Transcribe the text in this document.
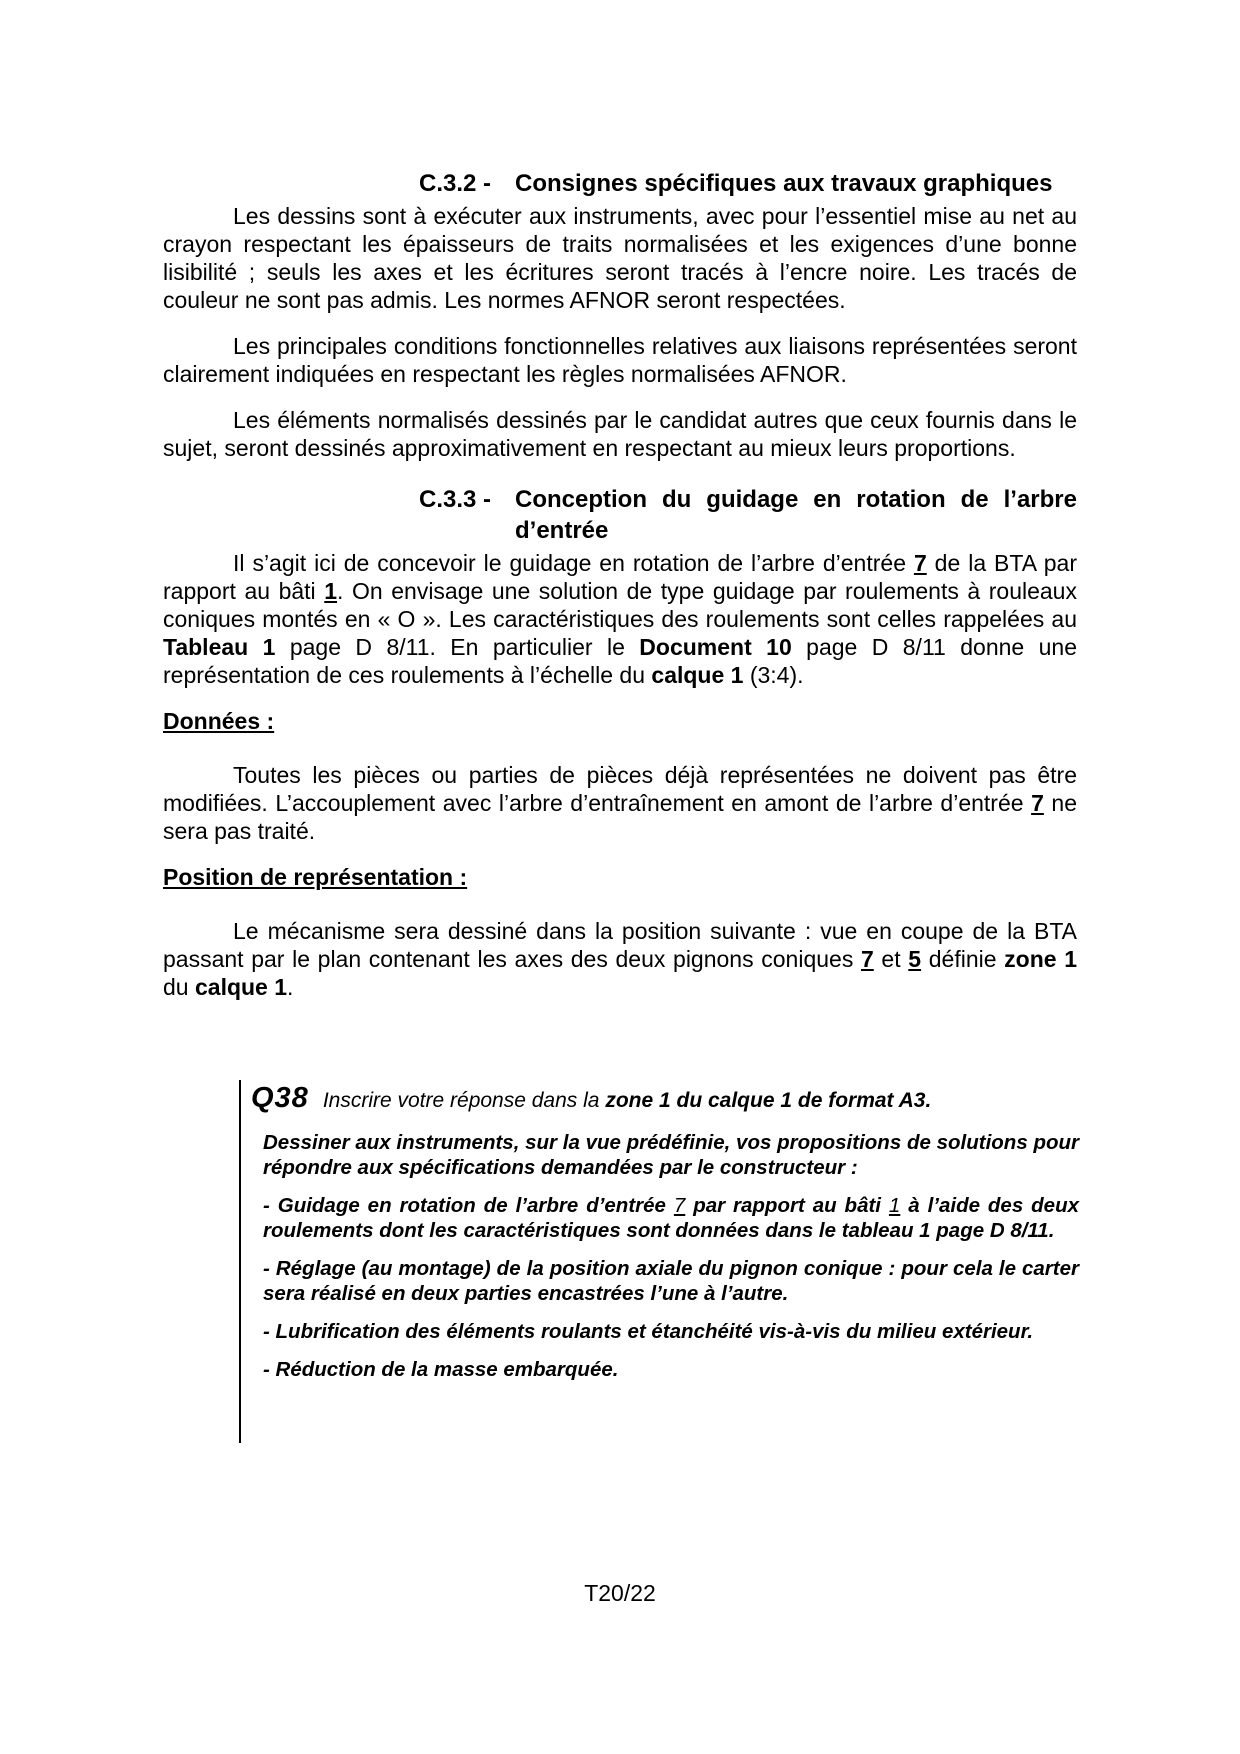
C.3.2 - Consignes spécifiques aux travaux graphiques

Les dessins sont à exécuter aux instruments, avec pour l’essentiel mise au net au crayon respectant les épaisseurs de traits normalisées et les exigences d’une bonne lisibilité ; seuls les axes et les écritures seront tracés à l’encre noire. Les tracés de couleur ne sont pas admis. Les normes AFNOR seront respectées.

Les principales conditions fonctionnelles relatives aux liaisons représentées seront clairement indiquées en respectant les règles normalisées AFNOR.

Les éléments normalisés dessinés par le candidat autres que ceux fournis dans le sujet, seront dessinés approximativement en respectant au mieux leurs proportions.

C.3.3 - Conception du guidage en rotation de l’arbre d’entrée

Il s’agit ici de concevoir le guidage en rotation de l’arbre d’entrée 7 de la BTA par rapport au bâti 1. On envisage une solution de type guidage par roulements à rouleaux coniques montés en « O ». Les caractéristiques des roulements sont celles rappelées au Tableau 1 page D 8/11. En particulier le Document 10 page D 8/11 donne une représentation de ces roulements à l’échelle du calque 1 (3:4).

Données :

Toutes les pièces ou parties de pièces déjà représentées ne doivent pas être modifiées. L’accouplement avec l’arbre d’entraînement en amont de l’arbre d’entrée 7 ne sera pas traité.

Position de représentation :

Le mécanisme sera dessiné dans la position suivante : vue en coupe de la BTA passant par le plan contenant les axes des deux pignons coniques 7 et 5 définie zone 1 du calque 1.

Q38 Inscrire votre réponse dans la zone 1 du calque 1 de format A3.

Dessiner aux instruments, sur la vue prédéfinie, vos propositions de solutions pour répondre aux spécifications demandées par le constructeur :

- Guidage en rotation de l’arbre d’entrée 7 par rapport au bâti 1 à l’aide des deux roulements dont les caractéristiques sont données dans le tableau 1 page D 8/11.

- Réglage (au montage) de la position axiale du pignon conique : pour cela le carter sera réalisé en deux parties encastrées l’une à l’autre.

- Lubrification des éléments roulants et étanchéité vis-à-vis du milieu extérieur.

- Réduction de la masse embarquée.

T20/22
